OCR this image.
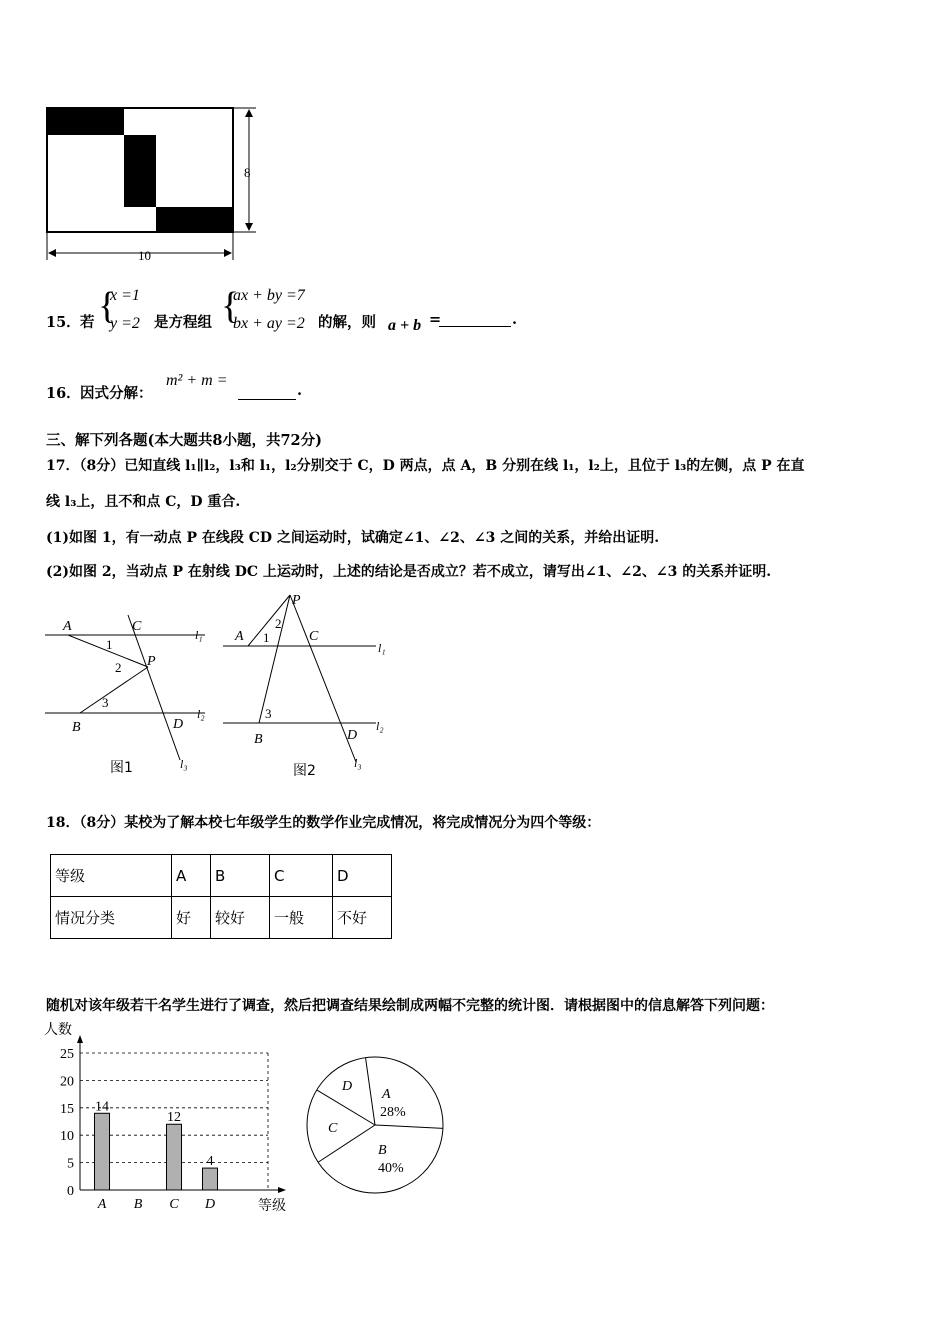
8
10
15． 若 {
x =1
y =2 是方程组 {
ax + by =7
bx + ay =2 的解，则 a + b =	.
16． 因式分解：
m² + m =
.
三、解下列各题(本大题共8小题，共72分)
17．（8分）已知直线 l₁∥l₂，l₃和 l₁，l₂分别交于 C，D 两点，点 A，B 分别在线 l₁，l₂上，且位于 l₃的左侧，点 P 在直
线 l₃上，且不和点 C，D 重合.
(1)如图 1，有一动点 P 在线段 CD 之间运动时，试确定∠1、∠2、∠3 之间的关系，并给出证明.
(2)如图 2，当动点 P 在射线 DC 上运动时，上述的结论是否成立？若不成立，请写出∠1、∠2、∠3 的关系并证明.
A	C
P
B	D
1
2
3
l₁
l₂
l₃
图1
P
A	C
B	D
1
2
3
l₁
l₂
l₃
图2
18．（8分）某校为了解本校七年级学生的数学作业完成情况，将完成情况分为四个等级：
等级	A	B	C	D
情况分类	好	较好	一般	不好
随机对该年级若干名学生进行了调查，然后把调查结果绘制成两幅不完整的统计图．请根据图中的信息解答下列问题：
0
5
10
15
20
25
人数
等级
14
A B
12
C
4
D
A
28%
B
40%
C
D
